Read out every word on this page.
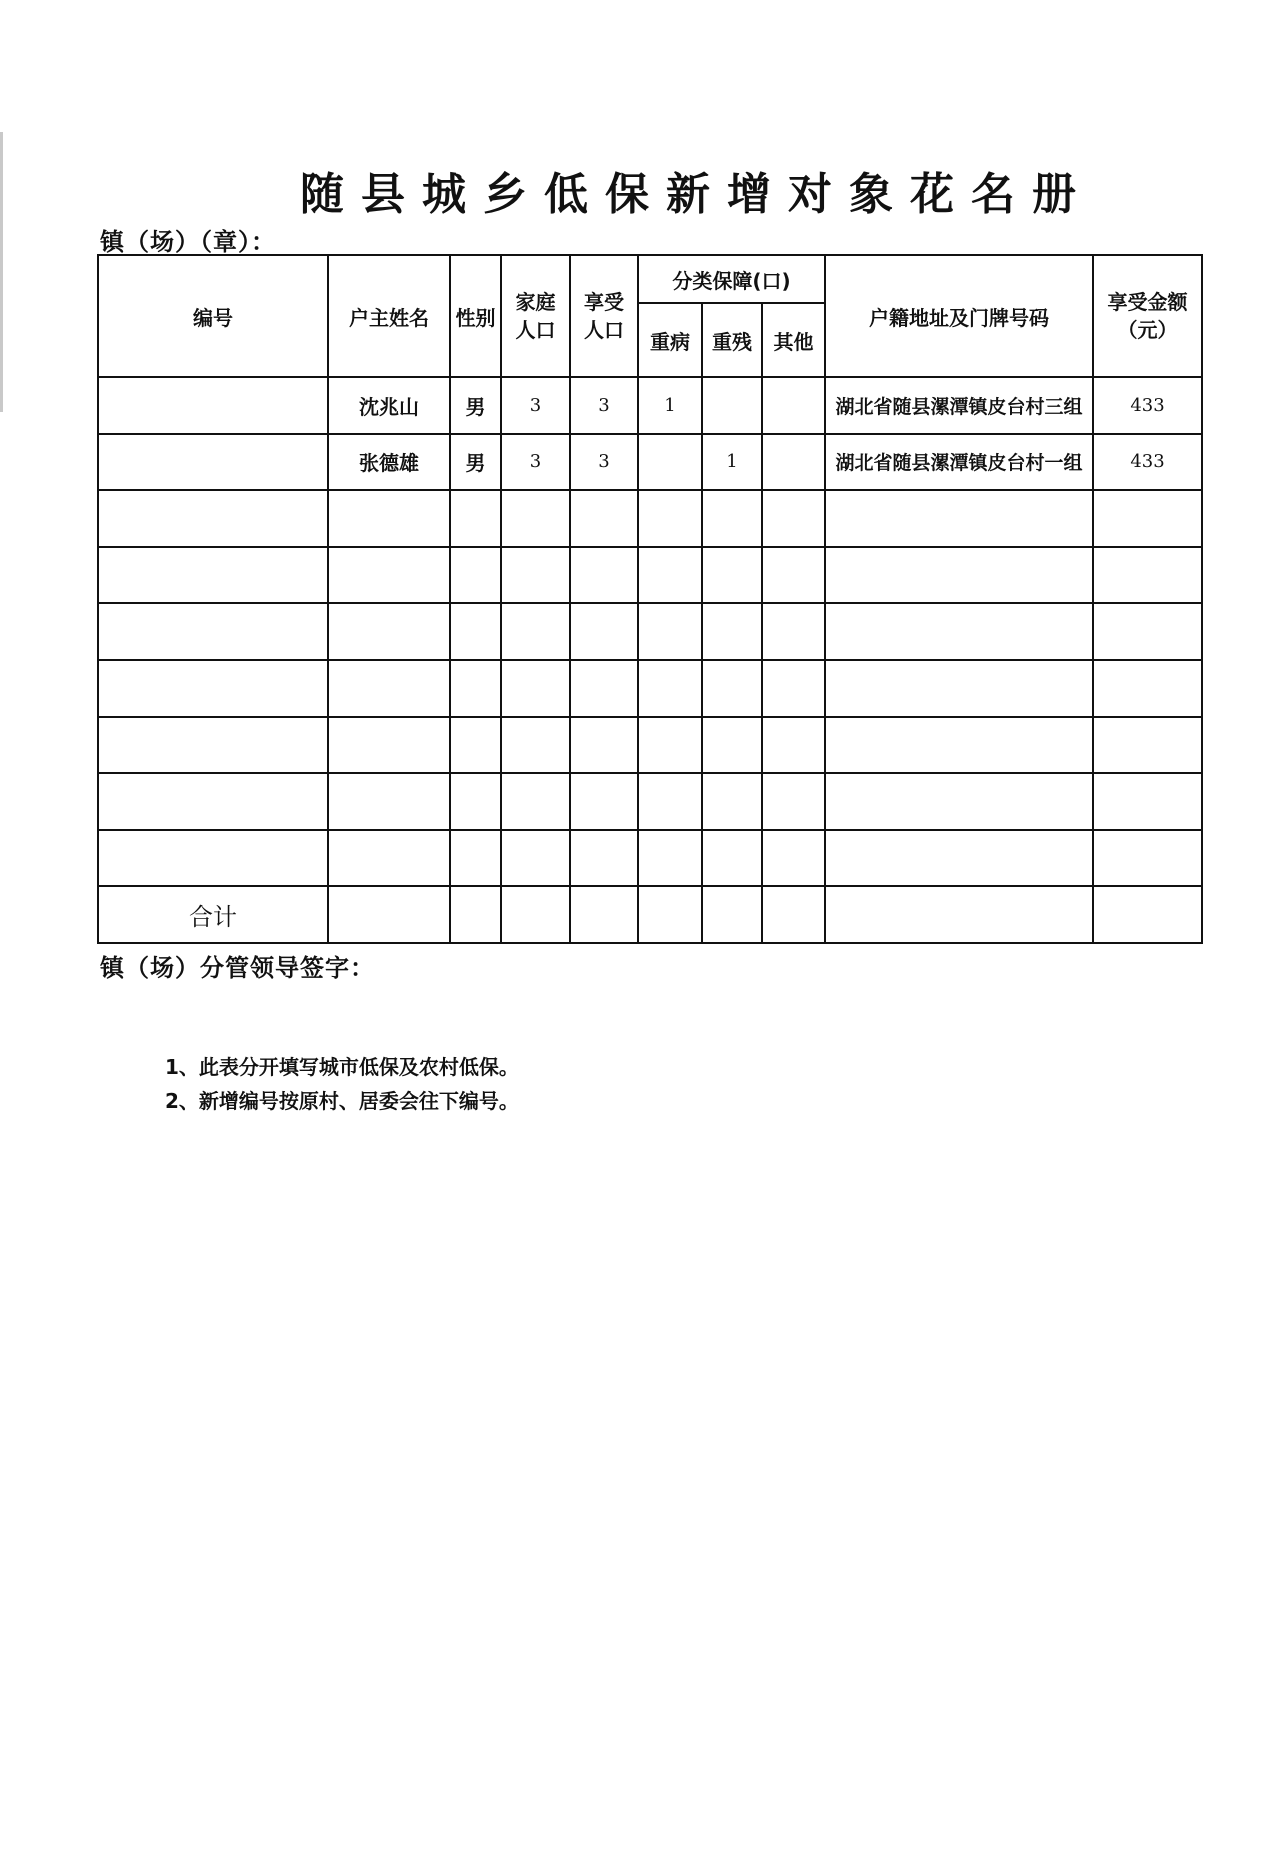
随县城乡低保新增对象花名册
镇（场）（章）：
编号	户主姓名	性别	家庭人口	享受人口	分类保障(口)			户籍地址及门牌号码	享受金额（元）
					重病	重残	其他		
	沈兆山	男	3	3	1			湖北省随县漯潭镇皮台村三组	433
	张德雄	男	3	3		1		湖北省随县漯潭镇皮台村一组	433

合计									
镇（场）分管领导签字：
1、此表分开填写城市低保及农村低保。
2、新增编号按原村、居委会往下编号。
